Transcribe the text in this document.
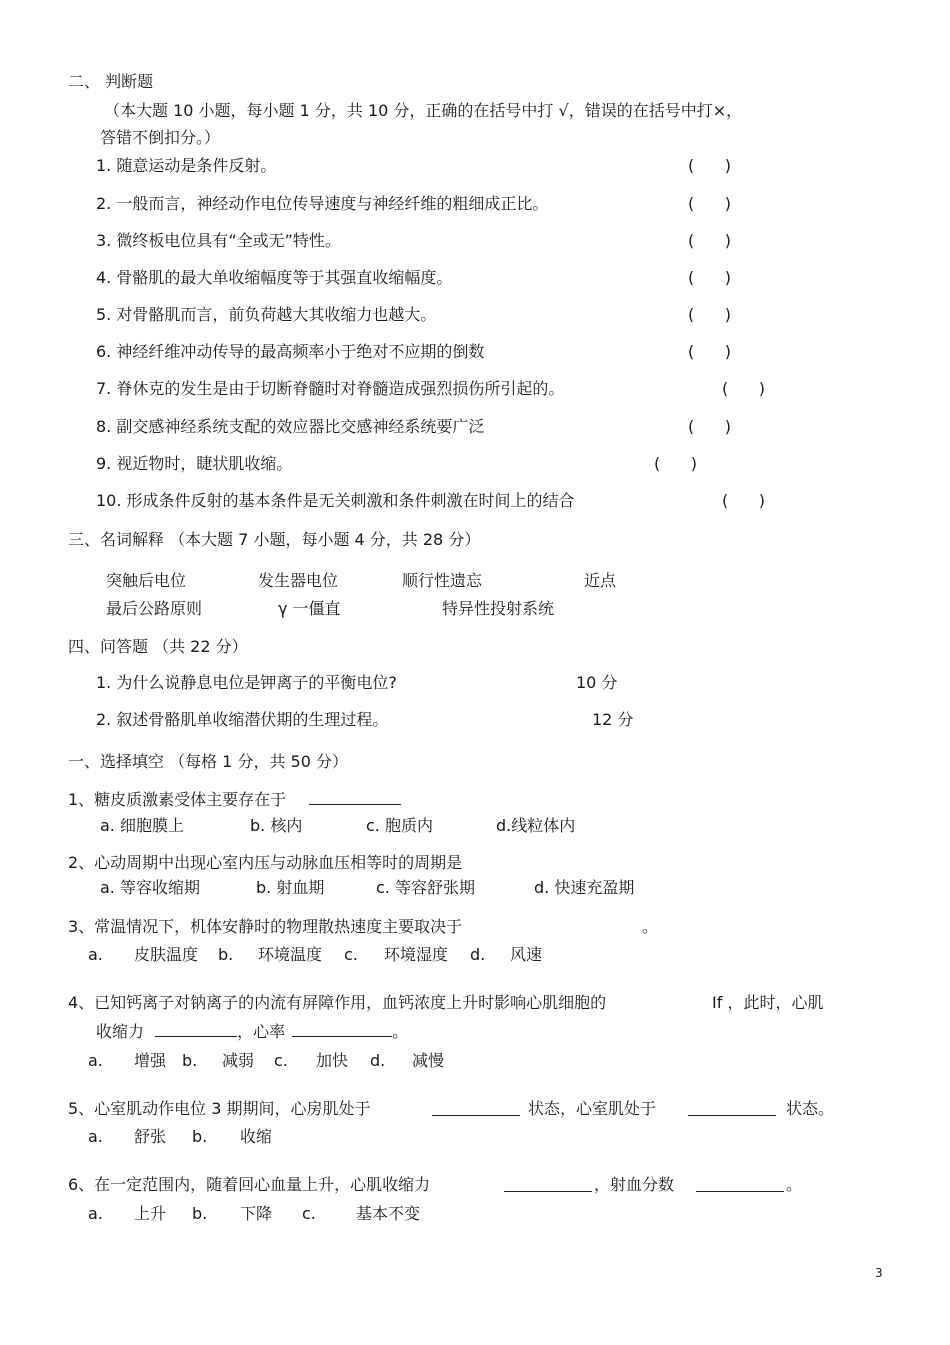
二、 判断题
（本大题 10 小题，每小题 1 分，共 10 分，正确的在括号中打 √，错误的在括号中打×，
答错不倒扣分。）
1. 随意运动是条件反射。	(      )
2. 一般而言，神经动作电位传导速度与神经纤维的粗细成正比。	(      )
3. 微终板电位具有“全或无”特性。	(      )
4. 骨骼肌的最大单收缩幅度等于其强直收缩幅度。	(      )
5. 对骨骼肌而言，前负荷越大其收缩力也越大。	(      )
6. 神经纤维冲动传导的最高频率小于绝对不应期的倒数	(      )
7. 脊休克的发生是由于切断脊髓时对脊髓造成强烈损伤所引起的。	(      )
8. 副交感神经系统支配的效应器比交感神经系统要广泛	(      )
9. 视近物时，睫状肌收缩。	(      )
10. 形成条件反射的基本条件是无关刺激和条件刺激在时间上的结合	(      )
三、名词解释 （本大题 7 小题，每小题 4 分，共 28 分）
突触后电位	发生器电位	顺行性遗忘	近点
最后公路原则	γ 一僵直	特异性投射系统
四、问答题 （共 22 分）
1. 为什么说静息电位是钾离子的平衡电位?	10 分
2. 叙述骨骼肌单收缩潜伏期的生理过程。	12 分
一、选择填空 （每格 1 分，共 50 分）
1、糖皮质激素受体主要存在于
a. 细胞膜上	b. 核内	c. 胞质内	d.线粒体内
2、心动周期中出现心室内压与动脉血压相等时的周期是
a. 等容收缩期	b. 射血期	c. 等容舒张期	d. 快速充盈期
3、常温情况下，机体安静时的物理散热速度主要取决于	。
a. 皮肤温度 b. 环境温度 c. 环境湿度 d. 风速
4、已知钙离子对钠离子的内流有屏障作用，血钙浓度上升时影响心肌细胞的	If ，此时，心肌
收缩力	，心率	。
a. 增强 b. 减弱 c. 加快 d. 减慢
5、心室肌动作电位 3 期期间，心房肌处于	状态，心室肌处于	状态。
a. 舒张 b. 收缩
6、在一定范围内，随着回心血量上升，心肌收缩力	，射血分数	。
a. 上升 b. 下降 c.	基本不变
3
